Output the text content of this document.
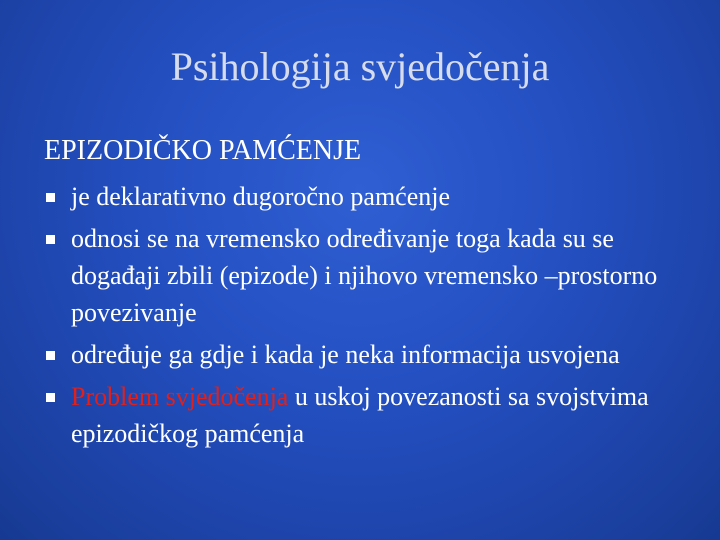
Psihologija svjedočenja
EPIZODIČKO PAMĆENJE
je deklarativno dugoročno pamćenje
odnosi se na vremensko određivanje toga kada su se događaji zbili (epizode) i njihovo vremensko –prostorno povezivanje
određuje ga gdje i kada je neka informacija usvojena
Problem svjedočenja u uskoj povezanosti sa svojstvima epizodičkog pamćenja
